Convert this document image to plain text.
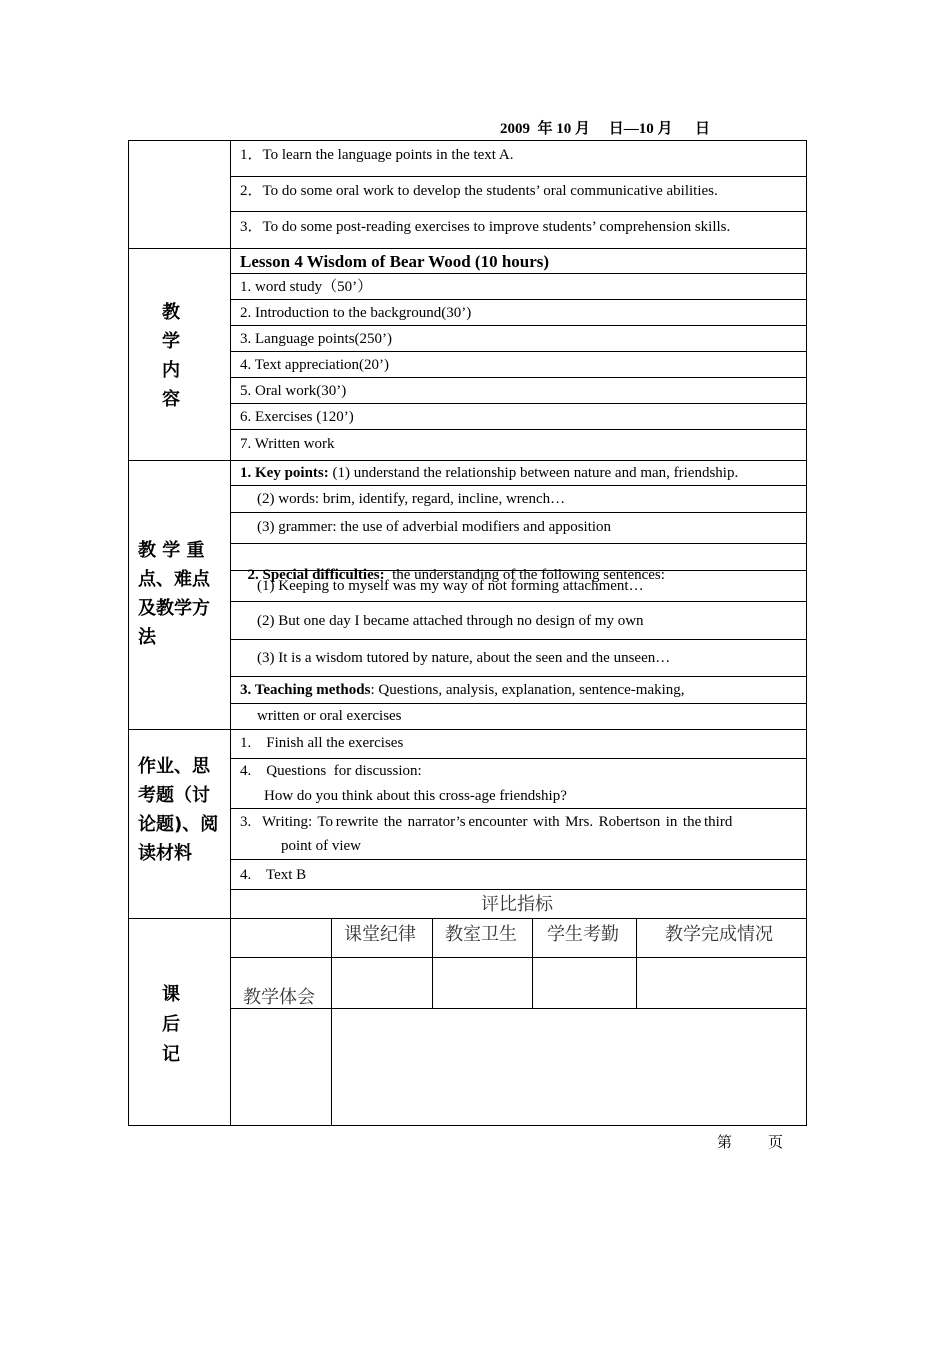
2009  年 10 月     日—10 月      日
1．To learn the language points in the text A.
2．To do some oral work to develop the students’ oral communicative abilities.
3．To do some post-reading exercises to improve students’ comprehension skills.
教
学
内
容
Lesson 4 Wisdom of Bear Wood (10 hours)
1. word study（50’）
2. Introduction to the background(30’)
3. Language points(250’)
4. Text appreciation(20’)
5. Oral work(30’)
6. Exercises (120’)
7. Written work
教 学 重
点、难点
及教学方
法
1. Key points: (1) understand the relationship between nature and man, friendship.
(2) words: brim, identify, regard, incline, wrench…
(3) grammer: the use of adverbial modifiers and apposition

2. Special difficulties:  the understanding of the following sentences:

(1) Keeping to myself was my way of not forming attachment…
(2) But one day I became attached through no design of my own
(3) It is a wisdom tutored by nature, about the seen and the unseen…
3. Teaching methods: Questions, analysis, explanation, sentence-making,
written or oral exercises
作业、思
考题（讨
论题)、阅
读材料
1.    Finish all the exercises
4.    Questions  for discussion:
How do you think about this cross-age friendship?
3.    Writing:  To rewrite  the  narrator’s encounter  with  Mrs.  Robertson  in  the third
point of view
4.    Text B
课
后
记
评比指标
课堂纪律 教室卫生 学生考勤	教学完成情况
教学体会
第 页
